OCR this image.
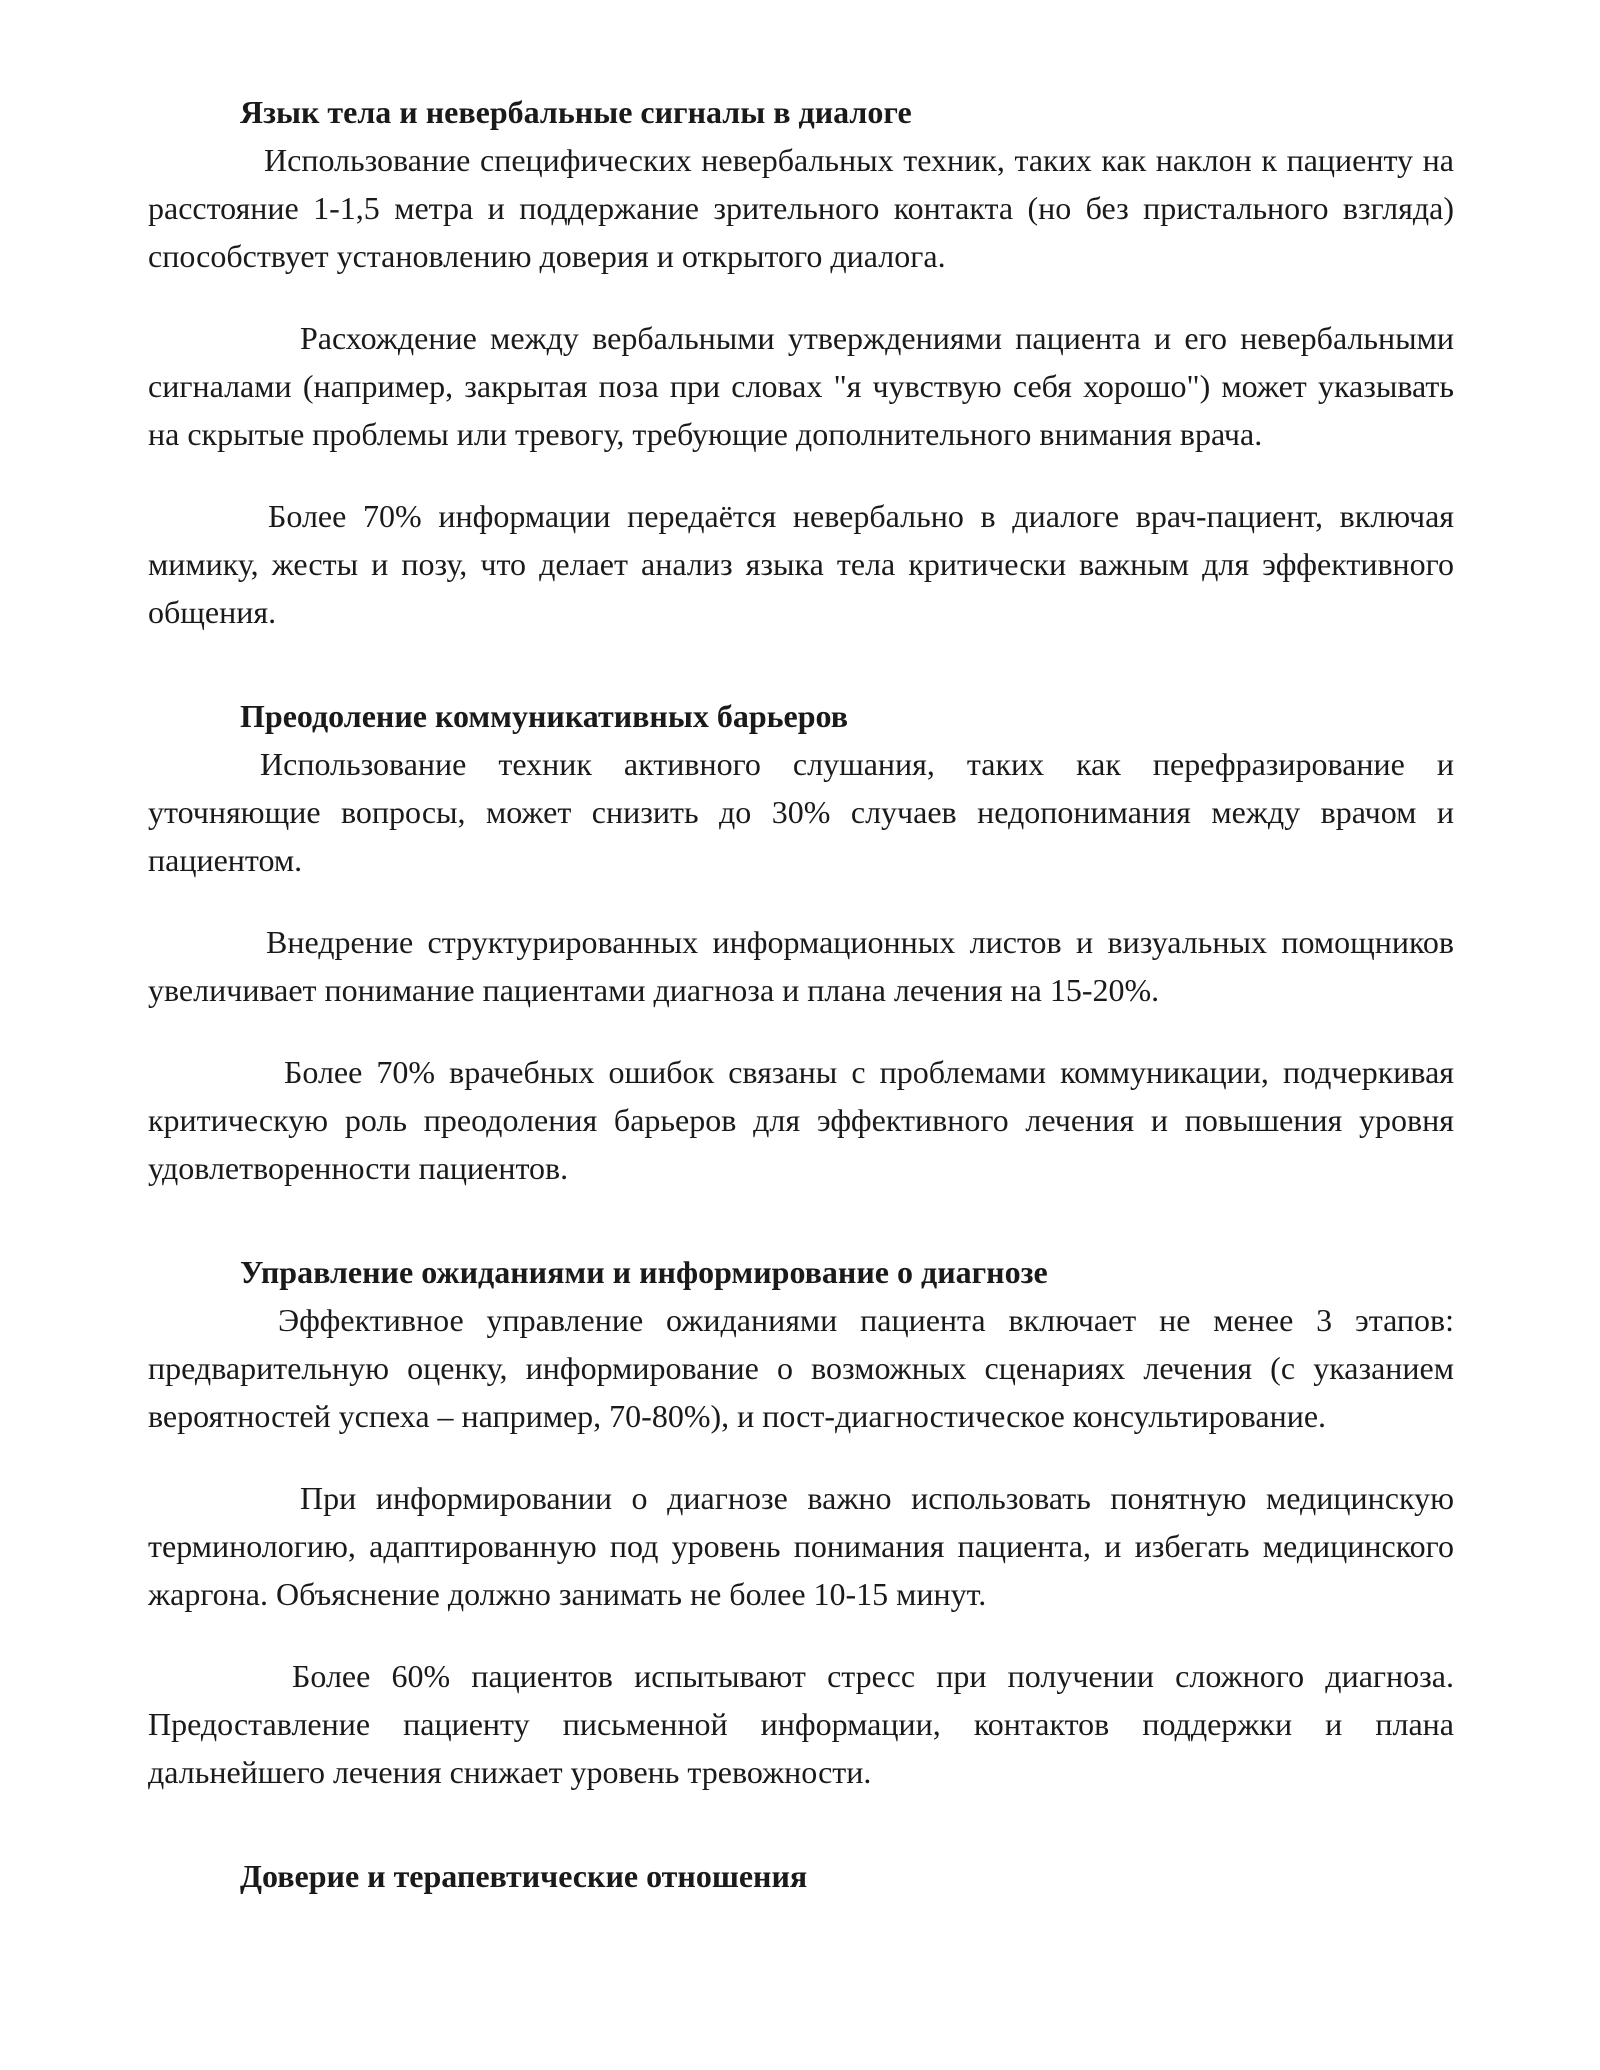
Язык тела и невербальные сигналы в диалоге

Использование специфических невербальных техник, таких как наклон к пациенту на расстояние 1-1,5 метра и поддержание зрительного контакта (но без пристального взгляда) способствует установлению доверия и открытого диалога.

Расхождение между вербальными утверждениями пациента и его невербальными сигналами (например, закрытая поза при словах "я чувствую себя хорошо") может указывать на скрытые проблемы или тревогу, требующие дополнительного внимания врача.

Более 70% информации передаётся невербально в диалоге врач-пациент, включая мимику, жесты и позу, что делает анализ языка тела критически важным для эффективного общения.

Преодоление коммуникативных барьеров

Использование техник активного слушания, таких как перефразирование и уточняющие вопросы, может снизить до 30% случаев недопонимания между врачом и пациентом.

Внедрение структурированных информационных листов и визуальных помощников увеличивает понимание пациентами диагноза и плана лечения на 15-20%.

Более 70% врачебных ошибок связаны с проблемами коммуникации, подчеркивая критическую роль преодоления барьеров для эффективного лечения и повышения уровня удовлетворенности пациентов.

Управление ожиданиями и информирование о диагнозе

Эффективное управление ожиданиями пациента включает не менее 3 этапов: предварительную оценку, информирование о возможных сценариях лечения (с указанием вероятностей успеха – например, 70-80%), и пост-диагностическое консультирование.

При информировании о диагнозе важно использовать понятную медицинскую терминологию, адаптированную под уровень понимания пациента, и избегать медицинского жаргона. Объяснение должно занимать не более 10-15 минут.

Более 60% пациентов испытывают стресс при получении сложного диагноза. Предоставление пациенту письменной информации, контактов поддержки и плана дальнейшего лечения снижает уровень тревожности.

Доверие и терапевтические отношения
